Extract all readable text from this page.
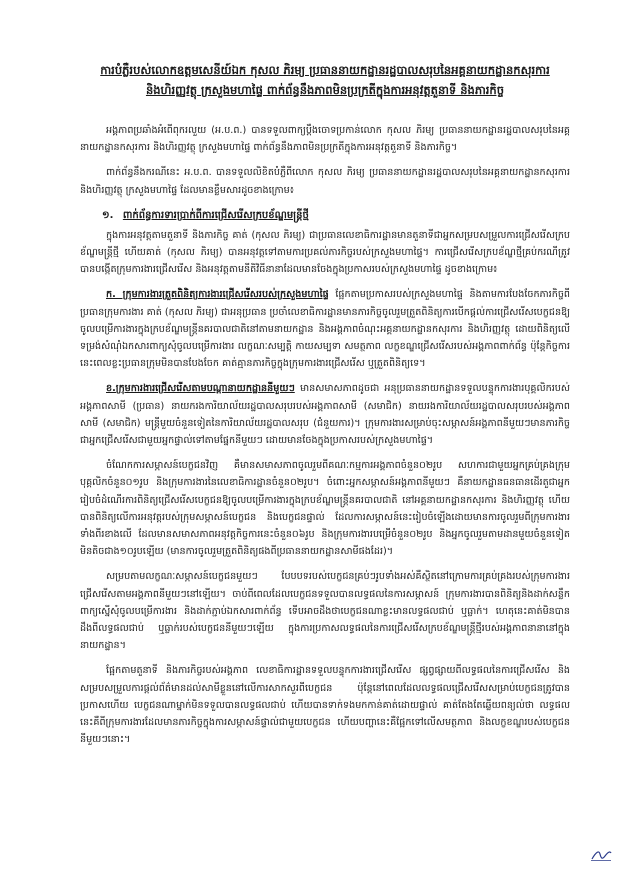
ការបំភ្លឺរបស់លោកឧត្តមសេនីយ៍ឯក កុសល ភិរម្យ ប្រធាននាយកដ្ឋានរដ្ឋបាលសរុបនៃអគ្គនាយកដ្ឋានកសុរការ និងហិរញ្ញវត្ថុ ក្រសួងមហាផ្ទៃ ពាក់ព័ន្ធនឹងភាពមិនប្រក្រតីក្នុងការអនុវត្តតួនាទី និងភារកិច្ច

អង្គភាពប្រឆាំងអំពើពុករលួយ (អ.ប.ព.) បានទទួលពាក្យប្តឹងចោទប្រកាន់លោក កុសល ភិរម្យ ប្រធាននាយកដ្ឋានរដ្ឋបាលសរុបនៃអគ្គនាយកដ្ឋានកសុរការ និងហិរញ្ញវត្ថុ ក្រសួងមហាផ្ទៃ ពាក់ព័ន្ធនឹងភាពមិនប្រក្រតីក្នុងការអនុវត្តតួនាទី និងភារកិច្ច។

ពាក់ព័ន្ធនឹងករណីនេះ អ.ប.ព. បានទទួលលិខិតបំភ្លឺពីលោក កុសល ភិរម្យ ប្រធាននាយកដ្ឋានរដ្ឋបាលសរុបនៃអគ្គនាយកដ្ឋានកសុរការ និងហិរញ្ញវត្ថុ ក្រសួងមហាផ្ទៃ ដែលមានខ្លឹមសារដូចខាងក្រោម៖

១. ពាក់ព័ន្ធការទារប្រាក់ពីការជ្រើសរើសក្របខ័ណ្ឌមន្ត្រីថ្មី

ក្នុងការអនុវត្តតាមតួនាទី និងភារកិច្ច គាត់ (កុសល ភិរម្យ) ជាប្រធានលេខាធិការដ្ឋានមានតួនាទីជាអ្នកសម្របសម្រួលការជ្រើសរើសក្របខ័ណ្ឌមន្ត្រីថ្មី ហើយគាត់ (កុសល ភិរម្យ) បានអនុវត្តទៅតាមការប្រគល់ភារកិច្ចរបស់ក្រសួងមហាផ្ទៃ។ ការជ្រើសរើសក្របខ័ណ្ឌថ្មីគ្រប់ករណីត្រូវបានបង្កើតក្រុមការងារជ្រើសរើស និងអនុវត្តតាមនីតិវិធីនានាដែលមានចែងក្នុងប្រកាសរបស់ក្រសួងមហាផ្ទៃ ដូចខាងក្រោម៖

ក. ក្រុមការងារត្រួតពិនិត្យការងារជ្រើសរើសរបស់ក្រសួងមហាផ្ទៃ ផ្អែកតាមប្រកាសរបស់ក្រសួងមហាផ្ទៃ និងតាមការបែងចែកភារកិច្ចពីប្រធានក្រុមការងារ គាត់ (កុសល ភិរម្យ) ជាអនុប្រធាន ប្រចាំលេខាធិការដ្ឋានមានភារកិច្ចចូលរួមត្រួតពិនិត្យការបើកផ្តល់ការជ្រើសរើសបេក្ខជនឱ្យចូលបម្រើការងារក្នុងក្របខ័ណ្ឌមន្ត្រីនគរបាលជាតិនៅតាមនាយកដ្ឋាន និងអង្គភាពចំណុះអគ្គនាយកដ្ឋានកសុរការ និងហិរញ្ញវត្ថុ ដោយពិនិត្យលើទម្រង់សំណុំឯកសារពាក្យសុំចូលបម្រើការងារ លក្ខណៈសម្បត្តិ កាយសម្បទា សមត្ថភាព លក្ខខណ្ឌជ្រើសរើសរបស់អង្គភាពពាក់ព័ន្ធ ប៉ុន្តែកិច្ចការនេះពេលខ្លះប្រធានក្រុមមិនបានបែងចែក គាត់គ្មានភារកិច្ចក្នុងក្រុមការងារជ្រើសរើស ឬត្រួតពិនិត្យទេ។

ខ.ក្រុមការងារជ្រើសរើសតាមបណ្តានាយកដ្ឋាននីមួយៗ មានសមាសភាពដូចជា អនុប្រធាននាយកដ្ឋានទទួលបន្ទុកការងារបុគ្គលិករបស់អង្គភាពសាមី (ប្រធាន) នាយករងការិយាល័យរដ្ឋបាលសរុបរបស់អង្គភាពសាមី (សមាជិក) នាយរងការិយាល័យរដ្ឋបាលសរុបរបស់អង្គភាពសាមី (សមាជិក) មន្ត្រីមួយចំនួនទៀតនៃការិយាល័យរដ្ឋបាលសរុប (ជំនួយការ)។ ក្រុមការងារសម្រាប់ចុះសម្ភាសន៍អង្គភាពនីមួយៗមានភារកិច្ចជាអ្នកជ្រើសរើសជាមួយអ្នកផ្ទាល់ទៅតាមផ្នែកនីមួយៗ ដោយមានចែងក្នុងប្រកាសរបស់ក្រសួងមហាផ្ទៃ។

ចំណែកការសម្ភាសន៍បេក្ខជនវិញ គឺមានសមាសភាពចូលរួមពីគណៈកម្មការអង្គភាពចំនួន០២រូប សហការជាមួយអ្នកគ្រប់គ្រងក្រុមបុគ្គលិកចំនួន០១រូប និងក្រុមការងារនៃលេខាធិការដ្ឋានចំនួន០២រូប។ ចំពោះអ្នកសម្ភាសន៍អង្គភាពនីមួយៗ គឺនាយកដ្ឋានធនធានដើរតួជាអ្នករៀបចំដំណើរការពិនិត្យជ្រើសរើសបេក្ខជនឱ្យចូលបម្រើការងារក្នុងក្របខ័ណ្ឌមន្ត្រីនគរបាលជាតិ នៅអគ្គនាយកដ្ឋានកសុរការ និងហិរញ្ញវត្ថុ ហើយបានពិនិត្យលើការអនុវត្តរបស់ក្រុមសម្ភាសន៍បេក្ខជន និងបេក្ខជនផ្ទាល់ ដែលការសម្ភាសន៍នេះរៀបចំឡើងដោយមានការចូលរួមពីក្រុមការងារទាំងពីរខាងលើ ដែលមានសមាសភាពអនុវត្តកិច្ចការនេះចំនួន០៦រូប និងក្រុមការងារបម្រើចំនួន០២រូប និងអ្នកចូលរួមតាមដានមួយចំនួនទៀតមិនតិចជាង១០រូបឡើយ (មានការចូលរួមត្រួតពិនិត្យផងពីប្រធាននាយកដ្ឋានសាមីផងដែរ)។

សម្របតាមលក្ខណៈសម្ភាសន៍បេក្ខជនមួយៗ បែបបទរបស់បេក្ខជនគ្រប់ៗរូបទាំងអស់គឺស្ថិតនៅក្រោមការគ្រប់គ្រងរបស់ក្រុមការងារជ្រើសរើសតាមអង្គភាពនីមួយៗនៅឡើយ។ ចាប់ពីពេលដែលបេក្ខជនទទួលបានលទ្ធផលនៃការសម្ភាសន៍ ក្រុមការងារបានពិនិត្យនិងដាក់សន្លឹកពាក្យស្នើសុំចូលបម្រើការងារ និងដាក់ភ្ជាប់ឯកសារពាក់ព័ន្ធ ទើបអាចដឹងថាបេក្ខជនណាខ្លះមានលទ្ធផលជាប់ ឬធ្លាក់។ ហេតុនេះគាត់មិនបានដឹងពីលទ្ធផលជាប់ ឬធ្លាក់របស់បេក្ខជននីមួយៗឡើយ ក្នុងការប្រកាសលទ្ធផលនៃការជ្រើសរើសក្របខ័ណ្ឌមន្ត្រីថ្មីរបស់អង្គភាពនានានៅក្នុងនាយកដ្ឋាន។

ផ្អែកតាមតួនាទី និងភារកិច្ចរបស់អង្គភាព លេខាធិការដ្ឋានទទួលបន្ទុកការងារជ្រើសរើស ផ្សព្វផ្សាយពីលទ្ធផលនៃការជ្រើសរើស និងសម្របសម្រួលការផ្តល់ព័ត៌មានដល់សាមីខ្លួននៅលើការសាកសួរពីបេក្ខជន ប៉ុន្តែនៅពេលដែលលទ្ធផលជ្រើសរើសសម្រាប់បេក្ខជនត្រូវបានប្រកាសហើយ បេក្ខជនណាម្នាក់មិនទទួលបានលទ្ធផលជាប់ ហើយបានទាក់ទងមកកាន់គាត់ដោយផ្ទាល់ គាត់តែងតែឆ្លើយពន្យល់ថា លទ្ធផលនេះគឺពីក្រុមការងារដែលមានភារកិច្ចក្នុងការសម្ភាសន៍ផ្ទាល់ជាមួយបេក្ខជន ហើយបញ្ហានេះគឺផ្អែកទៅលើសមត្ថភាព និងលក្ខខណ្ឌរបស់បេក្ខជននីមួយៗនោះ។
